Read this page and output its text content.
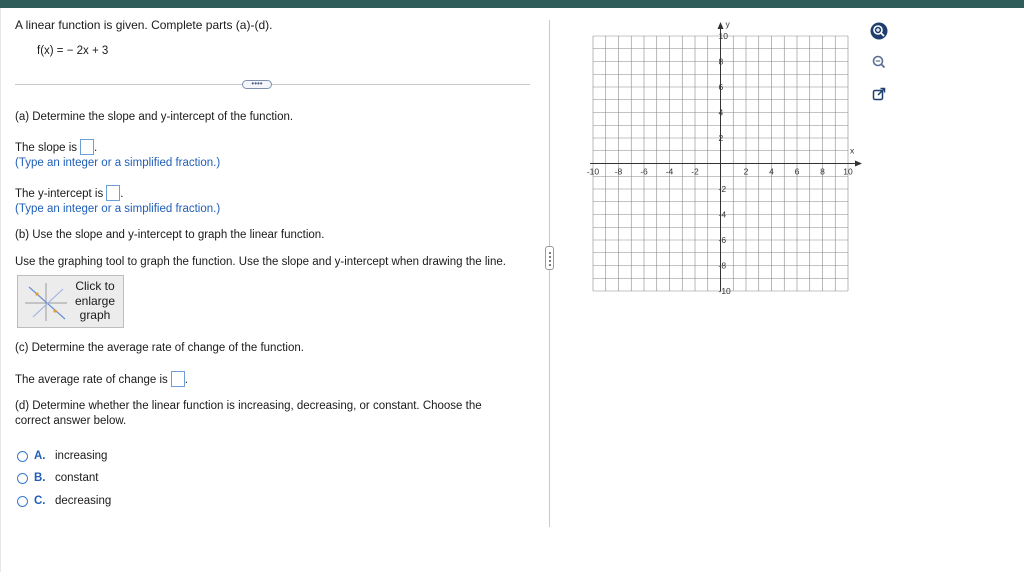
A linear function is given. Complete parts (a)-(d).
f(x) = − 2x + 3
••••
(a) Determine the slope and y-intercept of the function.
The slope is .
(Type an integer or a simplified fraction.)
The y-intercept is .
(Type an integer or a simplified fraction.)
(b) Use the slope and y-intercept to graph the linear function.
Use the graphing tool to graph the function. Use the slope and y-intercept when drawing the line.
Click to
enlarge
graph
(c) Determine the average rate of change of the function.
The average rate of change is .
(d) Determine whether the linear function is increasing, decreasing, or constant. Choose the
correct answer below.
A. increasing
B. constant
C. decreasing
x
y
-10 -8 -6 -4 -2	2 4 6 8 10
10
8
6
4
2
-2
-4
-6
-8
-10
